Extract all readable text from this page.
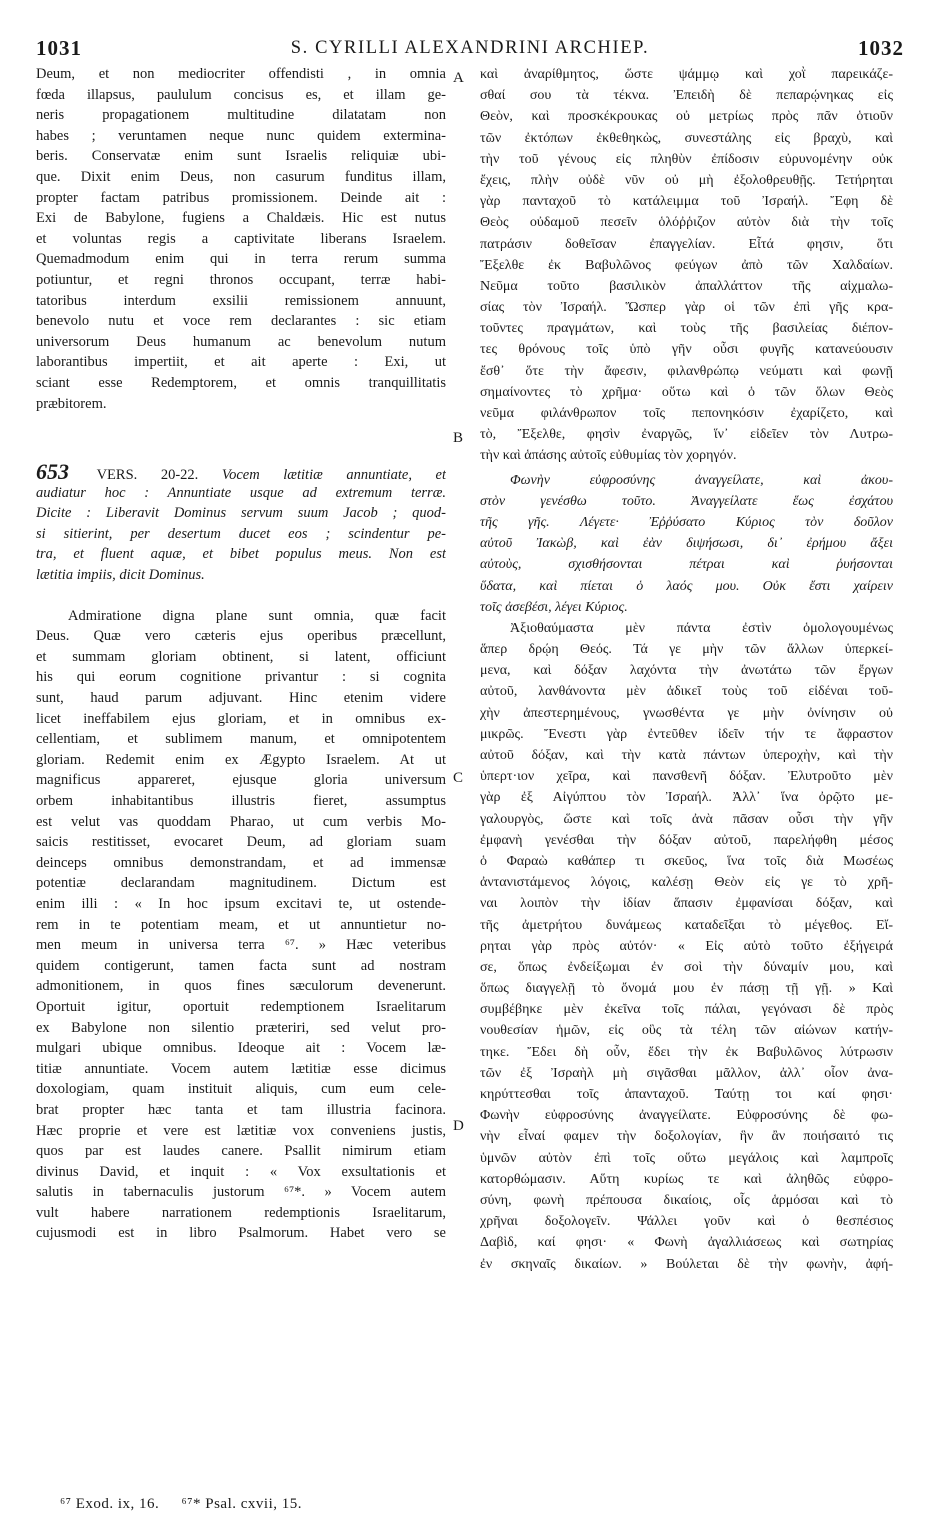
1031	S. CYRILLI ALEXANDRINI ARCHIEP.	1032
Deum, et non mediocriter offendisti , in omnia
fœda illapsus, paululum concisus es, et illam ge-
neris propagationem multitudine dilatatam non
habes ; veruntamen neque nunc quidem extermina-
beris. Conservatæ enim sunt Israelis reliquiæ ubi-
que. Dixit enim Deus, non casurum funditus illam,
propter factam patribus promissionem. Deinde ait :
Exi de Babylone, fugiens a Chaldæis. Hic est nutus
et voluntas regis a captivitate liberans Israelem.
Quemadmodum enim qui in terra rerum summa
potiuntur, et regni thronos occupant, terræ habi-
tatoribus interdum exsilii remissionem annuunt,
benevolo nutu et voce rem declarantes : sic etiam
universorum Deus humanum ac benevolum nutum
laborantibus impertiit, et ait aperte : Exi, ut
sciant esse Redemptorem, et omnis tranquillitatis
præbitorem.
653 VERS. 20-22. Vocem lætitiæ annuntiate, et
audiatur hoc : Annuntiate usque ad extremum terræ.
Dicite : Liberavit Dominus servum suum Jacob ; quod-
si sitierint, per desertum ducet eos ; scindentur pe-
tra, et fluent aquæ, et bibet populus meus. Non est
lætitia impiis, dicit Dominus.
Admiratione digna plane sunt omnia, quæ facit
Deus. Quæ vero cæteris ejus operibus præcellunt,
et summam gloriam obtinent, si latent, officiunt
his qui eorum cognitione privantur : si cognita
sunt, haud parum adjuvant. Hinc etenim videre
licet ineffabilem ejus gloriam, et in omnibus ex-
cellentiam, et sublimem manum, et omnipotentem
gloriam. Redemit enim ex Ægypto Israelem. At ut
magnificus appareret, ejusque gloria universum
orbem inhabitantibus illustris fieret, assumptus
est velut vas quoddam Pharao, ut cum verbis Mo-
saicis restitisset, evocaret Deum, ad gloriam suam
deinceps omnibus demonstrandam, et ad immensæ
potentiæ declarandam magnitudinem. Dictum est
enim illi : « In hoc ipsum excitavi te, ut ostende-
rem in te potentiam meam, et ut annuntietur no-
men meum in universa terra ⁶⁷. » Hæc veteribus
quidem contigerunt, tamen facta sunt ad nostram
admonitionem, in quos fines sæculorum devenerunt.
Oportuit igitur, oportuit redemptionem Israelitarum
ex Babylone non silentio præteriri, sed velut pro-
mulgari ubique omnibus. Ideoque ait : Vocem læ-
titiæ annuntiate. Vocem autem lætitiæ esse dicimus
doxologiam, quam instituit aliquis, cum eum cele-
brat propter hæc tanta et tam illustria facinora.
Hæc proprie et vere est lætitiæ vox conveniens justis,
quos par est laudes canere. Psallit nimirum etiam
divinus David, et inquit : « Vox exsultationis et
salutis in tabernaculis justorum ⁶⁷*. » Vocem autem
vult habere narrationem redemptionis Israelitarum,
cujusmodi est in libro Psalmorum. Habet vero se
A
B
C
D
καὶ ἀναρίθμητος, ὥστε ψάμμῳ καὶ χοῒ παρεικάζε-
σθαί σου τὰ τέκνα. Ἐπειδὴ δὲ πεπαρῴνηκας εἰς
Θεὸν, καὶ προσκέκρουκας οὐ μετρίως πρὸς πᾶν ὁτιοῦν
τῶν ἐκτόπων ἐκθεθηκὼς, συνεστάλης εἰς βραχὺ, καὶ
τὴν τοῦ γένους εἰς πληθὺν ἐπίδοσιν εὐρυνομένην οὐκ
ἔχεις, πλὴν οὐδὲ νῦν οὐ μὴ ἐξολοθρευθῇς. Τετήρηται
γὰρ πανταχοῦ τὸ κατάλειμμα τοῦ Ἰσραήλ. Ἔφη δὲ
Θεὸς οὐδαμοῦ πεσεῖν ὁλόῤῥιζον αὐτὸν διὰ τὴν τοῖς
πατράσιν δοθεῖσαν ἐπαγγελίαν. Εἶτά φησιν, ὅτι
Ἔξελθε ἐκ Βαβυλῶνος φεύγων ἀπὸ τῶν Χαλδαίων.
Νεῦμα τοῦτο βασιλικὸν ἀπαλλάττον τῆς αἰχμαλω-
σίας τὸν Ἰσραήλ. Ὥσπερ γὰρ οἱ τῶν ἐπὶ γῆς κρα-
τοῦντες πραγμάτων, καὶ τοὺς τῆς βασιλείας διέπον-
τες θρόνους τοῖς ὑπὸ γῆν οὖσι φυγῆς κατανεύουσιν
ἔσθ᾽ ὅτε τὴν ἄφεσιν, φιλανθρώπῳ νεύματι καὶ φωνῇ
σημαίνοντες τὸ χρῆμα· οὕτω καὶ ὁ τῶν ὅλων Θεὸς
νεῦμα φιλάνθρωπον τοῖς πεπονηκόσιν ἐχαρίζετο, καὶ
τὸ, Ἔξελθε, φησὶν ἐναργῶς, ἵν᾽ εἰδεῖεν τὸν Λυτρω-
τὴν καὶ ἁπάσης αὐτοῖς εὐθυμίας τὸν χορηγόν.
Φωνὴν εὐφροσύνης ἀναγγείλατε, καὶ ἀκου-
στὸν γενέσθω τοῦτο. Ἀναγγείλατε ἕως ἐσχάτου
τῆς γῆς. Λέγετε· Ἐῤῥύσατο Κύριος τὸν δοῦλον
αὐτοῦ Ἰακὼβ, καὶ ἐὰν διψήσωσι, δι᾽ ἐρήμου ἄξει
αὐτοὺς, σχισθήσονται πέτραι καὶ ῥυήσονται
ὕδατα, καὶ πίεται ὁ λαός μου. Οὐκ ἔστι χαίρειν
τοῖς ἀσεβέσι, λέγει Κύριος.
Ἀξιοθαύμαστα μὲν πάντα ἐστὶν ὁμολογουμένως
ἅπερ δρῴη Θεός. Τά γε μὴν τῶν ἄλλων ὑπερκεί-
μενα, καὶ δόξαν λαχόντα τὴν ἀνωτάτω τῶν ἔργων
αὐτοῦ, λανθάνοντα μὲν ἀδικεῖ τοὺς τοῦ εἰδέναι τοῦ-
χὴν ἀπεστερημένους, γνωσθέντα γε μὴν ὀνίνησιν οὐ
μικρῶς. Ἔνεστι γὰρ ἐντεῦθεν ἰδεῖν τήν τε ἄφραστον
αὐτοῦ δόξαν, καὶ τὴν κατὰ πάντων ὑπεροχὴν, καὶ τὴν
ὑπερτ·ιον χεῖρα, καὶ πανσθενῆ δόξαν. Ἐλυτροῦτο μὲν
γὰρ ἐξ Αἰγύπτου τὸν Ἰσραήλ. Ἀλλ᾽ ἵνα ὀρῷτο με-
γαλουργὸς, ὥστε καὶ τοῖς ἀνὰ πᾶσαν οὖσι τὴν γῆν
ἐμφανὴ γενέσθαι τὴν δόξαν αὐτοῦ, παρελήφθη μέσος
ὁ Φαραὼ καθάπερ τι σκεῦος, ἵνα τοῖς διὰ Μωσέως
ἀντανιστάμενος λόγοις, καλέσῃ Θεὸν εἰς γε τὸ χρῆ-
ναι λοιπὸν τὴν ἰδίαν ἅπασιν ἐμφανίσαι δόξαν, καὶ
τῆς ἀμετρήτου δυνάμεως καταδεῖξαι τὸ μέγεθος. Εἴ-
ρηται γὰρ πρὸς αὐτόν· « Εἰς αὐτὸ τοῦτο ἐξήγειρά
σε, ὅπως ἐνδείξωμαι ἐν σοὶ τὴν δύναμίν μου, καὶ
ὅπως διαγγελῇ τὸ ὄνομά μου ἐν πάσῃ τῇ γῇ. » Καὶ
συμβέβηκε μὲν ἐκεῖνα τοῖς πάλαι, γεγόνασι δὲ πρὸς
νουθεσίαν ἡμῶν, εἰς οὓς τὰ τέλη τῶν αἰώνων κατήν-
τηκε. Ἔδει δὴ οὖν, ἔδει τὴν ἐκ Βαβυλῶνος λύτρωσιν
τῶν ἐξ Ἰσραὴλ μὴ σιγᾶσθαι μᾶλλον, ἀλλ᾽ οἷον ἀνα-
κηρύττεσθαι τοῖς ἁπανταχοῦ. Ταύτῃ τοι καί φησι·
Φωνὴν εὐφροσύνης ἀναγγείλατε. Εὐφροσύνης δὲ φω-
νὴν εἶναί φαμεν τὴν δοξολογίαν, ἣν ἂν ποιήσαιτό τις
ὑμνῶν αὐτὸν ἐπὶ τοῖς οὕτω μεγάλοις καὶ λαμπροῖς
κατορθώμασιν. Αὕτη κυρίως τε καὶ ἀληθῶς εὐφρο-
σύνη, φωνὴ πρέπουσα δικαίοις, οἷς ἁρμόσαι καὶ τὸ
χρῆναι δοξολογεῖν. Ψάλλει γοῦν καὶ ὁ θεσπέσιος
Δαβὶδ, καί φησι· « Φωνὴ ἀγαλλιάσεως καὶ σωτηρίας
ἐν σκηναῖς δικαίων. » Βούλεται δὲ τὴν φωνὴν, ἀφή-
⁶⁷ Exod. ix, 16. ⁶⁷* Psal. cxvii, 15.
